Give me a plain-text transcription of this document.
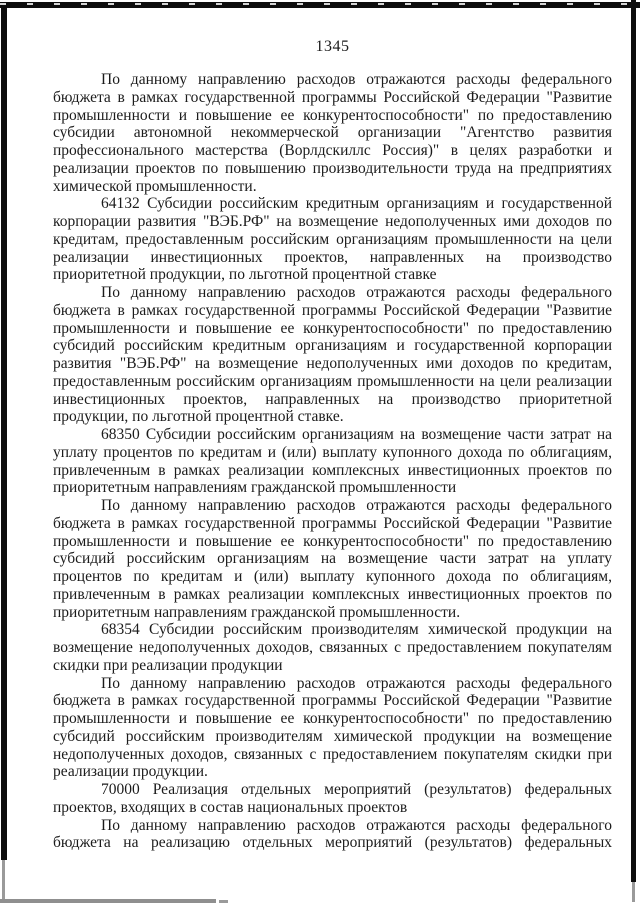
1345

По данному направлению расходов отражаются расходы федерального бюджета в рамках государственной программы Российской Федерации "Развитие промышленности и повышение ее конкурентоспособности" по предоставлению субсидии автономной некоммерческой организации "Агентство развития профессионального мастерства (Ворлдскиллс Россия)" в целях разработки и реализации проектов по повышению производительности труда на предприятиях химической промышленности.

64132 Субсидии российским кредитным организациям и государственной корпорации развития "ВЭБ.РФ" на возмещение недополученных ими доходов по кредитам, предоставленным российским организациям промышленности на цели реализации инвестиционных проектов, направленных на производство приоритетной продукции, по льготной процентной ставке

По данному направлению расходов отражаются расходы федерального бюджета в рамках государственной программы Российской Федерации "Развитие промышленности и повышение ее конкурентоспособности" по предоставлению субсидий российским кредитным организациям и государственной корпорации развития "ВЭБ.РФ" на возмещение недополученных ими доходов по кредитам, предоставленным российским организациям промышленности на цели реализации инвестиционных проектов, направленных на производство приоритетной продукции, по льготной процентной ставке.

68350 Субсидии российским организациям на возмещение части затрат на уплату процентов по кредитам и (или) выплату купонного дохода по облигациям, привлеченным в рамках реализации комплексных инвестиционных проектов по приоритетным направлениям гражданской промышленности

По данному направлению расходов отражаются расходы федерального бюджета в рамках государственной программы Российской Федерации "Развитие промышленности и повышение ее конкурентоспособности" по предоставлению субсидий российским организациям на возмещение части затрат на уплату процентов по кредитам и (или) выплату купонного дохода по облигациям, привлеченным в рамках реализации комплексных инвестиционных проектов по приоритетным направлениям гражданской промышленности.

68354 Субсидии российским производителям химической продукции на возмещение недополученных доходов, связанных с предоставлением покупателям скидки при реализации продукции

По данному направлению расходов отражаются расходы федерального бюджета в рамках государственной программы Российской Федерации "Развитие промышленности и повышение ее конкурентоспособности" по предоставлению субсидий российским производителям химической продукции на возмещение недополученных доходов, связанных с предоставлением покупателям скидки при реализации продукции.

70000 Реализация отдельных мероприятий (результатов) федеральных проектов, входящих в состав национальных проектов

По данному направлению расходов отражаются расходы федерального бюджета на реализацию отдельных мероприятий (результатов) федеральных
